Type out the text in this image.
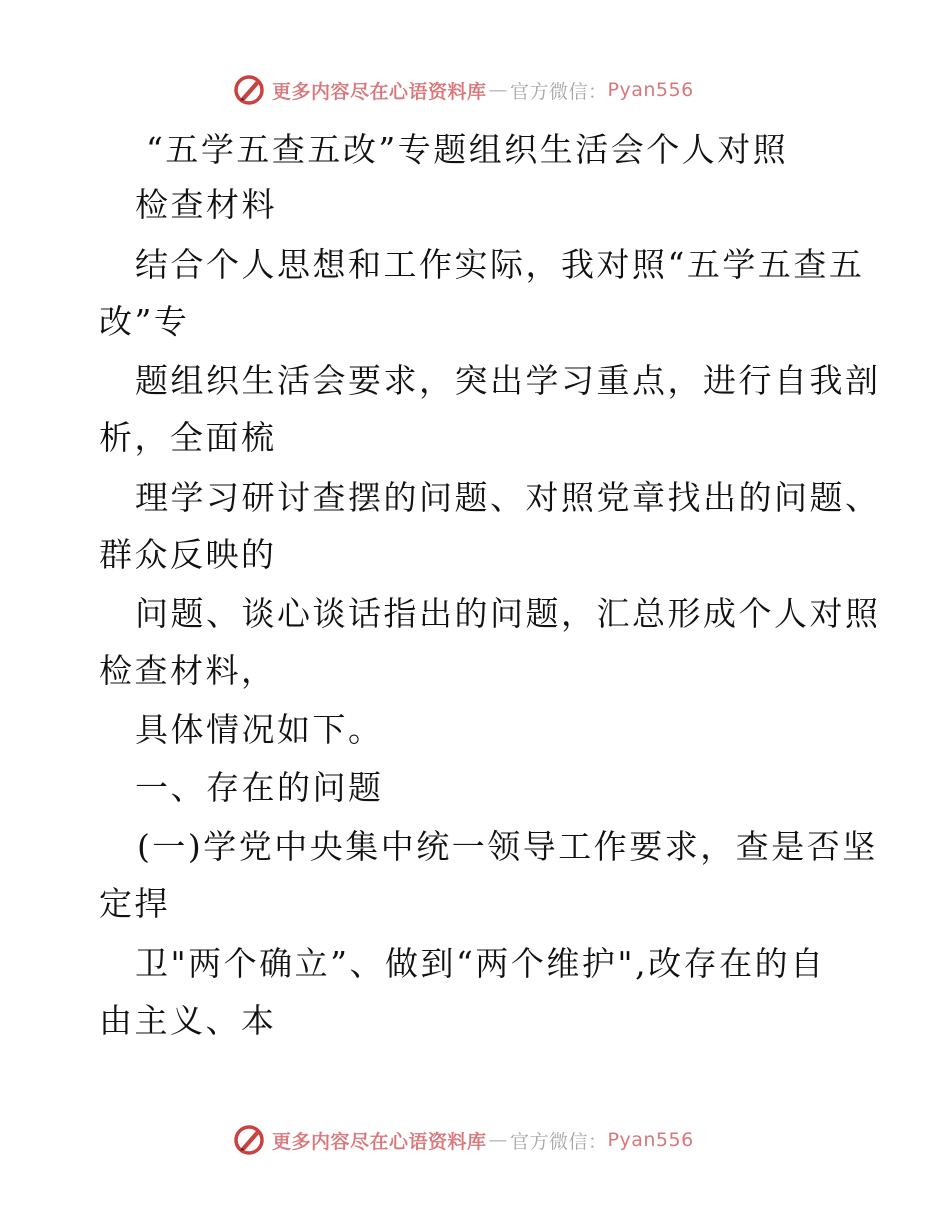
更多内容尽在心语资料库 — 官方微信： Pyan556
“五学五查五改”专题组织生活会个人对照
检查材料
结合个人思想和工作实际，我对照“五学五查五
改”专
题组织生活会要求，突出学习重点，进行自我剖
析，全面梳
理学习研讨查摆的问题、对照党章找出的问题、
群众反映的
问题、谈心谈话指出的问题，汇总形成个人对照
检查材料，
具体情况如下。
一、存在的问题
(一)学党中央集中统一领导工作要求，查是否坚
定捍
卫"两个确立”、做到“两个维护",改存在的自
由主义、本
更多内容尽在心语资料库 — 官方微信： Pyan556
